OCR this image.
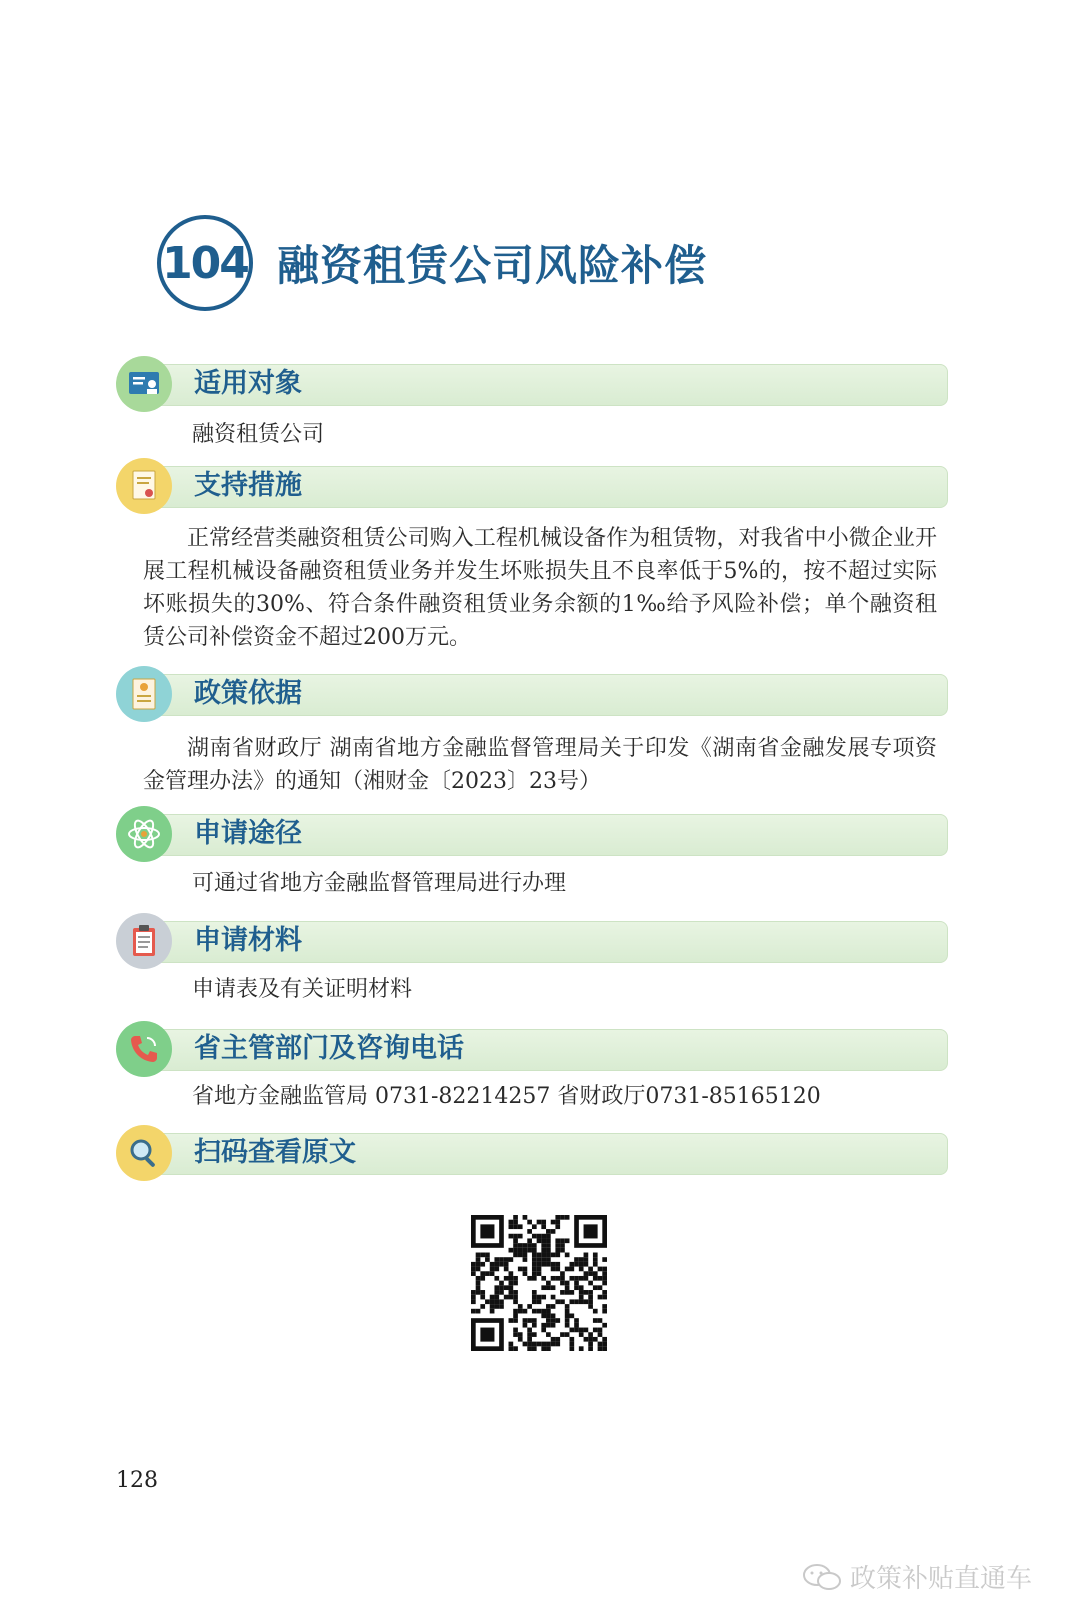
104 融资租赁公司风险补偿
适用对象
融资租赁公司
支持措施
正常经营类融资租赁公司购入工程机械设备作为租赁物，对我省中小微企业开展工程机械设备融资租赁业务并发生坏账损失且不良率低于5%的，按不超过实际坏账损失的30%、符合条件融资租赁业务余额的1‰给予风险补偿；单个融资租赁公司补偿资金不超过200万元。
政策依据
湖南省财政厅 湖南省地方金融监督管理局关于印发《湖南省金融发展专项资金管理办法》的通知（湘财金〔2023〕23号）
申请途径
可通过省地方金融监督管理局进行办理
申请材料
申请表及有关证明材料
省主管部门及咨询电话
省地方金融监管局 0731-82214257 省财政厅0731-85165120
扫码查看原文
128
政策补贴直通车
